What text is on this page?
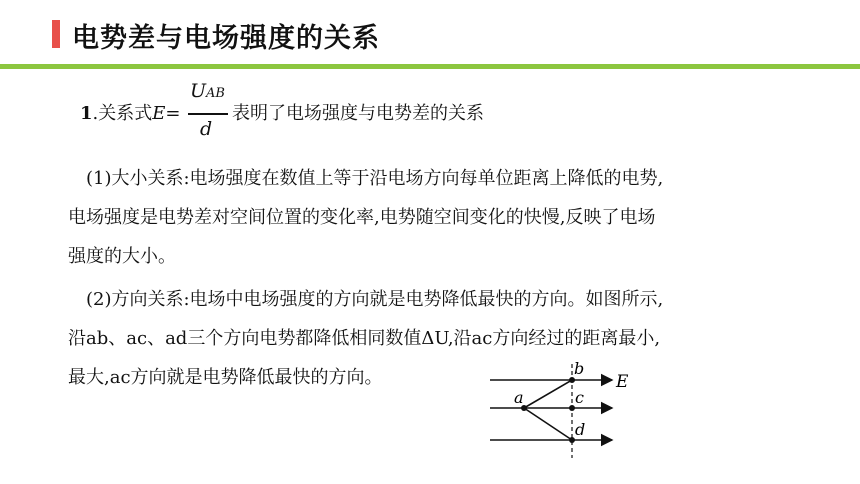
电势差与电场强度的关系
1.关系式E=
UAB
d
表明了电场强度与电势差的关系
(1)大小关系:电场强度在数值上等于沿电场方向每单位距离上降低的电势,
电场强度是电势差对空间位置的变化率,电势随空间变化的快慢,反映了电场
强度的大小。
(2)方向关系:电场中电场强度的方向就是电势降低最快的方向。如图所示,
沿ab、ac、ad三个方向电势都降低相同数值ΔU,沿ac方向经过的距离最小,
最大,ac方向就是电势降低最快的方向。
a
b
c
d
E
